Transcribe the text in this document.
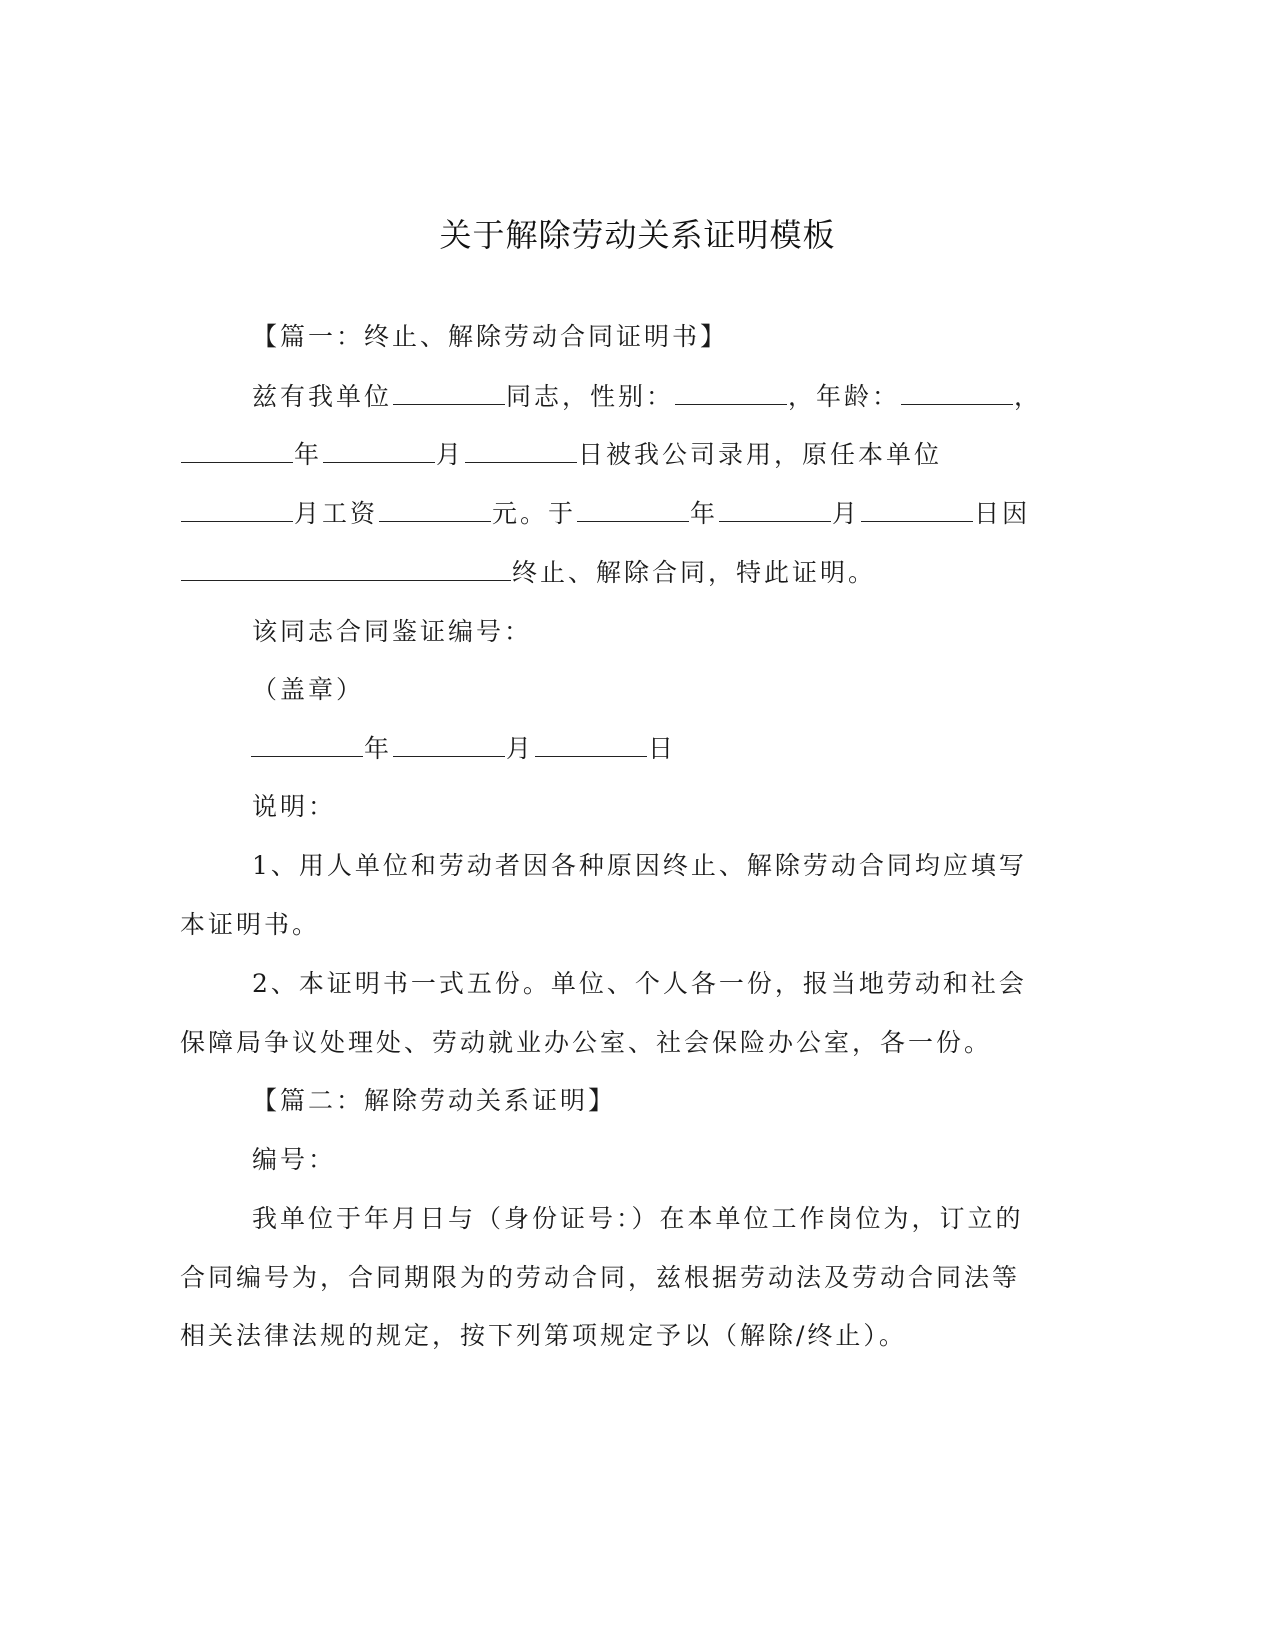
关于解除劳动关系证明模板
【篇一：终止、解除劳动合同证明书】
兹有我单位	同志，性别：	，年龄：	，
年	月	日被我公司录用，原任本单位
月工资	元。于	年	月	日因
终止、解除合同，特此证明。
该同志合同鉴证编号：
（盖章）
年	月	日
说明：
1、用人单位和劳动者因各种原因终止、解除劳动合同均应填写
本证明书。
2、本证明书一式五份。单位、个人各一份，报当地劳动和社会
保障局争议处理处、劳动就业办公室、社会保险办公室，各一份。
【篇二：解除劳动关系证明】
编号：
我单位于年月日与（身份证号：）在本单位工作岗位为，订立的
合同编号为，合同期限为的劳动合同，兹根据劳动法及劳动合同法等
相关法律法规的规定，按下列第项规定予以（解除/终止）。
